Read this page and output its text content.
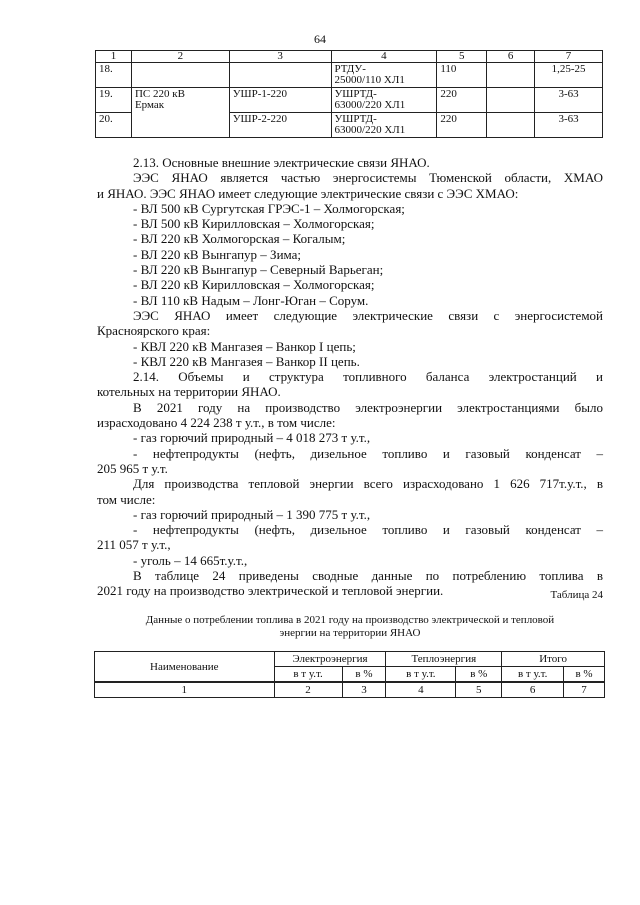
64
1	2	3	4	5	6	7
18.			РТДУ-
25000/110 ХЛ1	110		1,25-25
19.	ПС 220 кВ
Ермак	УШР-1-220	УШРТД-
63000/220 ХЛ1	220		3-63
20.		УШР-2-220	УШРТД-
63000/220 ХЛ1	220		3-63

2.13. Основные внешние электрические связи ЯНАО.

ЭЭС ЯНАО является частью энергосистемы Тюменской области, ХМАО

и ЯНАО. ЭЭС ЯНАО имеет следующие электрические связи с ЭЭС ХМАО:

- ВЛ 500 кВ Сургутская ГРЭС-1 – Холмогорская;

- ВЛ 500 кВ Кирилловская – Холмогорская;

- ВЛ 220 кВ Холмогорская – Когалым;

- ВЛ 220 кВ Вынгапур – Зима;

- ВЛ 220 кВ Вынгапур – Северный Варьеган;

- ВЛ 220 кВ Кирилловская – Холмогорская;

- ВЛ 110 кВ Надым – Лонг-Юган – Сорум.

ЭЭС ЯНАО имеет следующие электрические связи с энергосистемой

Красноярского края:

- КВЛ 220 кВ Мангазея – Ванкор I цепь;

- КВЛ 220 кВ Мангазея – Ванкор II цепь.

2.14. Объемы и структура топливного баланса электростанций и

котельных на территории ЯНАО.

В 2021 году на производство электроэнергии электростанциями было

израсходовано 4 224 238 т у.т., в том числе:

- газ горючий природный – 4 018 273 т у.т.,

- нефтепродукты (нефть, дизельное топливо и газовый конденсат –

205 965 т у.т.

Для производства тепловой энергии всего израсходовано 1 626 717т.у.т., в

том числе:

- газ горючий природный – 1 390 775 т у.т.,

- нефтепродукты (нефть, дизельное топливо и газовый конденсат –

211 057 т у.т.,

- уголь – 14 665т.у.т.,

В таблице 24 приведены сводные данные по потреблению топлива в

2021 году на производство электрической и тепловой энергии.	Таблица 24
Данные о потреблении топлива в 2021 году на производство электрической и тепловой
энергии на территории ЯНАО
Наименование	Электроэнергия		Теплоэнергия		Итого	
	в т у.т.	в %	в т у.т.	в %	в т у.т.	в %
1	2	3	4	5	6	7
